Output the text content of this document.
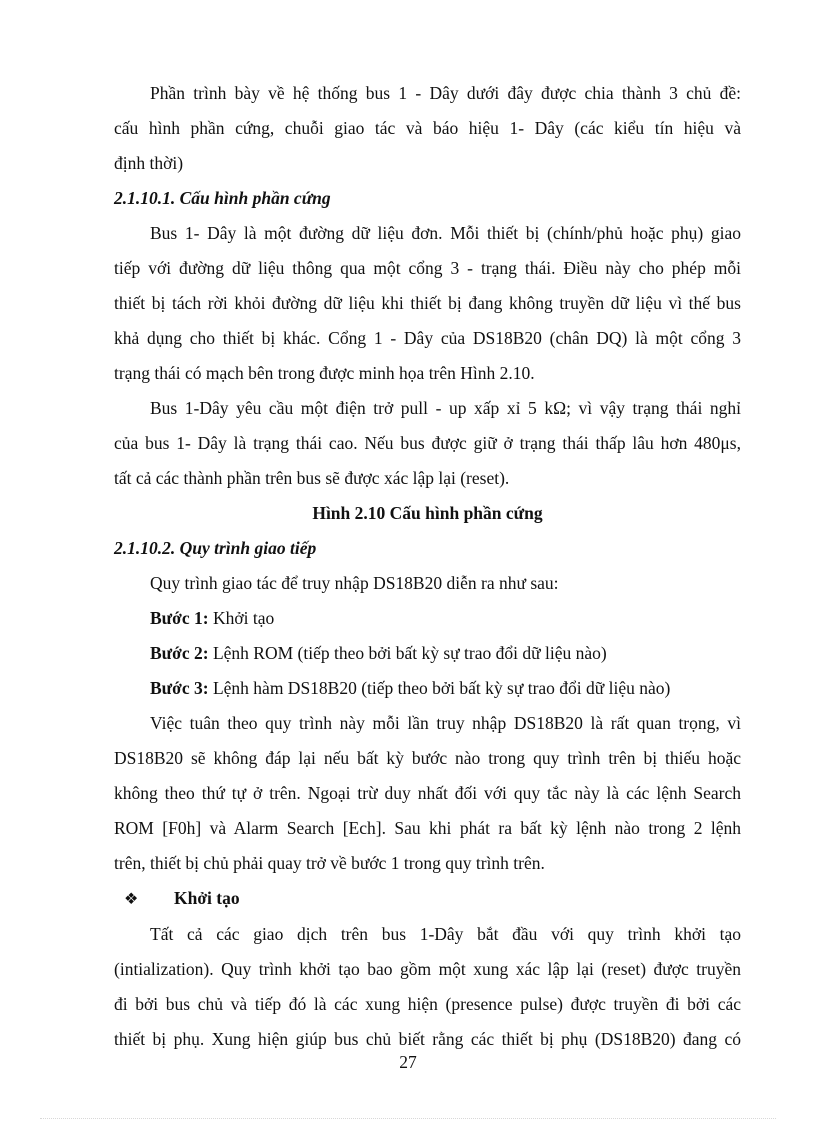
Phần trình bày về hệ thống bus 1 - Dây dưới đây được chia thành 3 chủ đề:

cấu hình phần cứng, chuỗi giao tác và báo hiệu 1- Dây (các kiểu tín hiệu và

định thời)

2.1.10.1. Cấu hình phần cứng

Bus 1- Dây là một đường dữ liệu đơn. Mỗi thiết bị (chính/phủ hoặc phụ) giao

tiếp với đường dữ liệu thông qua một cổng 3 - trạng thái. Điều này cho phép mỗi

thiết bị tách rời khỏi đường dữ liệu khi thiết bị đang không truyền dữ liệu vì thế bus

khả dụng cho thiết bị khác. Cổng 1 - Dây của DS18B20 (chân DQ) là một cổng 3

trạng thái có mạch bên trong được minh họa trên Hình 2.10.

Bus 1-Dây yêu cầu một điện trở pull - up xấp xỉ 5 kΩ; vì vậy trạng thái nghỉ

của bus 1- Dây là trạng thái cao. Nếu bus được giữ ở trạng thái thấp lâu hơn 480μs,

tất cả các thành phần trên bus sẽ được xác lập lại (reset).

Hình 2.10 Cấu hình phần cứng

2.1.10.2. Quy trình giao tiếp

Quy trình giao tác để truy nhập DS18B20 diễn ra như sau:

Bước 1: Khởi tạo

Bước 2: Lệnh ROM (tiếp theo bởi bất kỳ sự trao đổi dữ liệu nào)

Bước 3: Lệnh hàm DS18B20 (tiếp theo bởi bất kỳ sự trao đổi dữ liệu nào)

Việc tuân theo quy trình này mỗi lần truy nhập DS18B20 là rất quan trọng, vì

DS18B20 sẽ không đáp lại nếu bất kỳ bước nào trong quy trình trên bị thiếu hoặc

không theo thứ tự ở trên. Ngoại trừ duy nhất đối với quy tắc này là các lệnh Search

ROM [F0h] và Alarm Search [Ech]. Sau khi phát ra bất kỳ lệnh nào trong 2 lệnh

trên, thiết bị chủ phải quay trở về bước 1 trong quy trình trên.

❖	Khởi tạo

Tất cả các giao dịch trên bus 1-Dây bắt đầu với quy trình khởi tạo

(intialization). Quy trình khởi tạo bao gồm một xung xác lập lại (reset) được truyền

đi bởi bus chủ và tiếp đó là các xung hiện (presence pulse) được truyền đi bởi các

thiết bị phụ. Xung hiện giúp bus chủ biết rằng các thiết bị phụ (DS18B20) đang có

27
